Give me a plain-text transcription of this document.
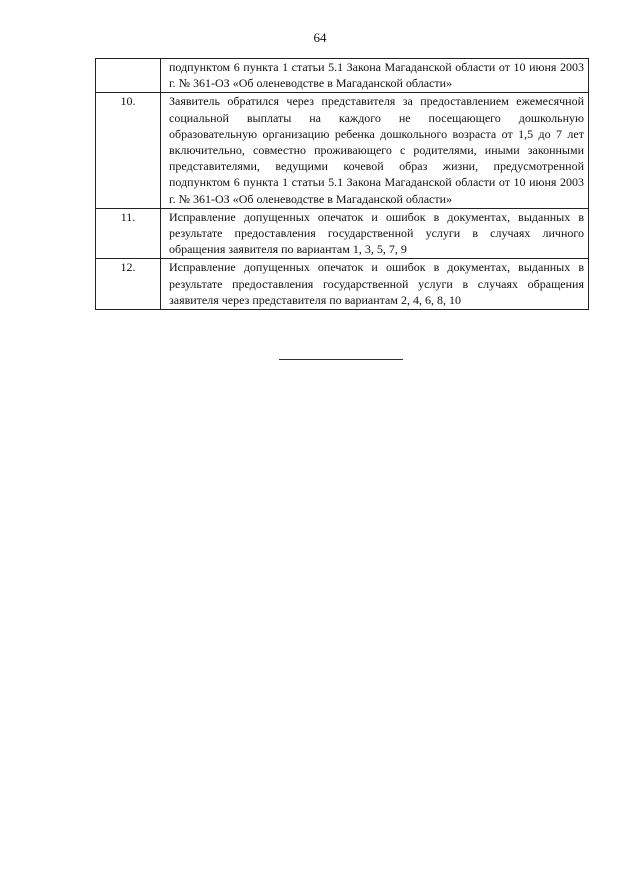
64
	подпунктом 6 пункта 1 статьи 5.1 Закона Магаданской области от 10 июня 2003 г. № 361-ОЗ «Об оленеводстве в Магаданской области»
10.	Заявитель обратился через представителя за предоставлением ежемесячной социальной выплаты на каждого не посещающего дошкольную образовательную организацию ребенка дошкольного возраста от 1,5 до 7 лет включительно, совместно проживающего с родителями, иными законными представителями, ведущими кочевой образ жизни, предусмотренной подпунктом 6 пункта 1 статьи 5.1 Закона Магаданской области от 10 июня 2003 г. № 361-ОЗ «Об оленеводстве в Магаданской области»
11.	Исправление допущенных опечаток и ошибок в документах, выданных в результате предоставления государственной услуги в случаях личного обращения заявителя по вариантам 1, 3, 5, 7, 9
12.	Исправление допущенных опечаток и ошибок в документах, выданных в результате предоставления государственной услуги в случаях обращения заявителя через представителя по вариантам 2, 4, 6, 8, 10
